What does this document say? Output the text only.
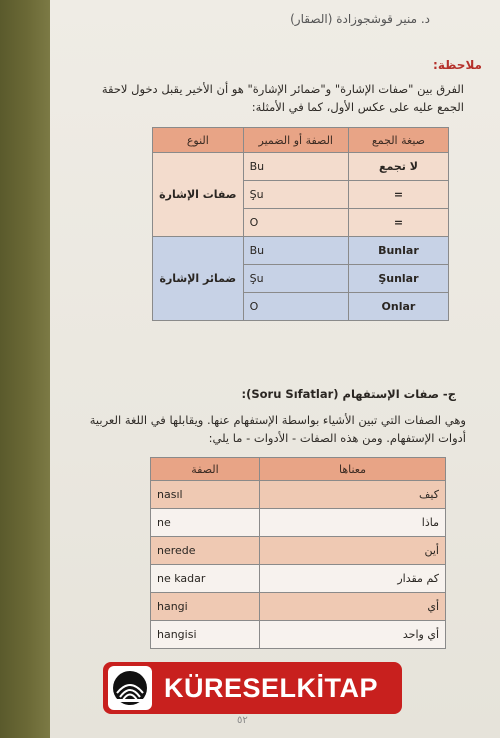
د. منير قوشجوزادة (الصقار)
ملاحظة:
الفرق بين "صفات الإشارة" و"ضمائر الإشارة" هو أن الأخير يقبل دخول لاحقة الجمع عليه على عكس الأول، كما في الأمثلة:
النوع	الصفة أو الضمير	صيغة الجمع
صفات الإشارة	Bu	لا تجمع
	Şu	=
	O	=
ضمائر الإشارة	Bu	Bunlar
	Şu	Şunlar
	O	Onlar
ج- صفات الإستفهام (Soru Sıfatlar):
وهي الصفات التي تبين الأشياء بواسطة الإستفهام عنها. ويقابلها في اللغة العربية أدوات الإستفهام. ومن هذه الصفات - الأدوات - ما يلي:
الصفة	معناها
nasıl	كيف
ne	ماذا
nerede	أين
ne kadar	كم مقدار
hangi	أي
hangisi	أي واحد
KÜRESELKİTAP
٥٢
